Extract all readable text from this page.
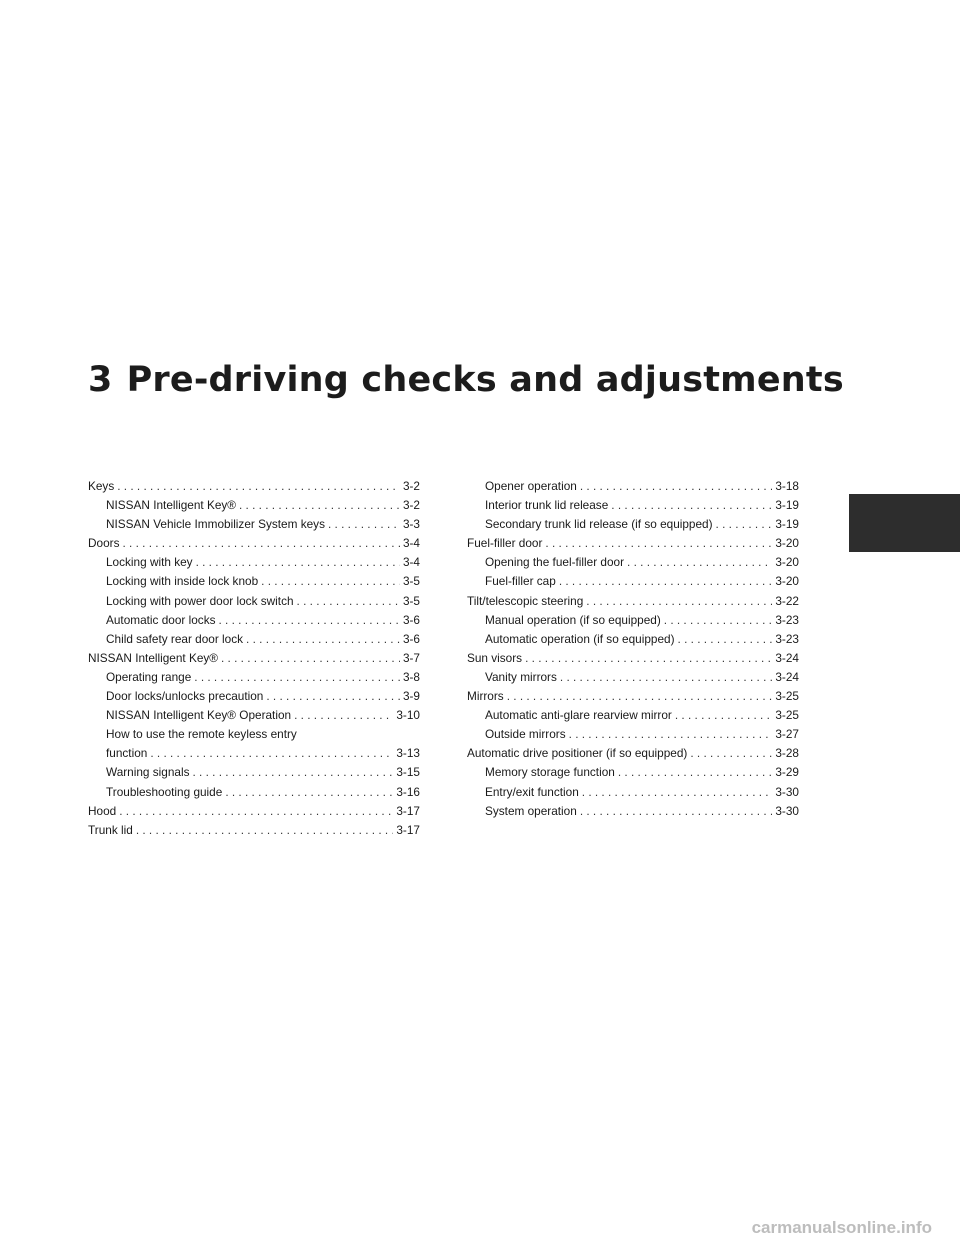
3 Pre-driving checks and adjustments
Keys . . .	3-2
NISSAN Intelligent Key® . . .	3-2
NISSAN Vehicle Immobilizer System keys . . .	3-3
Doors . . .	3-4
Locking with key . . .	3-4
Locking with inside lock knob . . .	3-5
Locking with power door lock switch . . .	3-5
Automatic door locks . . .	3-6
Child safety rear door lock . . .	3-6
NISSAN Intelligent Key® . . .	3-7
Operating range . . .	3-8
Door locks/unlocks precaution . . .	3-9
NISSAN Intelligent Key® Operation . . .	3-10
How to use the remote keyless entry
function . . .	3-13
Warning signals . . .	3-15
Troubleshooting guide . . .	3-16
Hood . . .	3-17
Trunk lid . . .	3-17
Opener operation . . .	3-18
Interior trunk lid release . . .	3-19
Secondary trunk lid release (if so equipped) . . .	3-19
Fuel-filler door . . .	3-20
Opening the fuel-filler door . . .	3-20
Fuel-filler cap . . .	3-20
Tilt/telescopic steering . . .	3-22
Manual operation (if so equipped) . . .	3-23
Automatic operation (if so equipped) . . .	3-23
Sun visors . . .	3-24
Vanity mirrors . . .	3-24
Mirrors . . .	3-25
Automatic anti-glare rearview mirror . . .	3-25
Outside mirrors . . .	3-27
Automatic drive positioner (if so equipped) . . .	3-28
Memory storage function . . .	3-29
Entry/exit function . . .	3-30
System operation . . .	3-30
carmanualsonline.info
